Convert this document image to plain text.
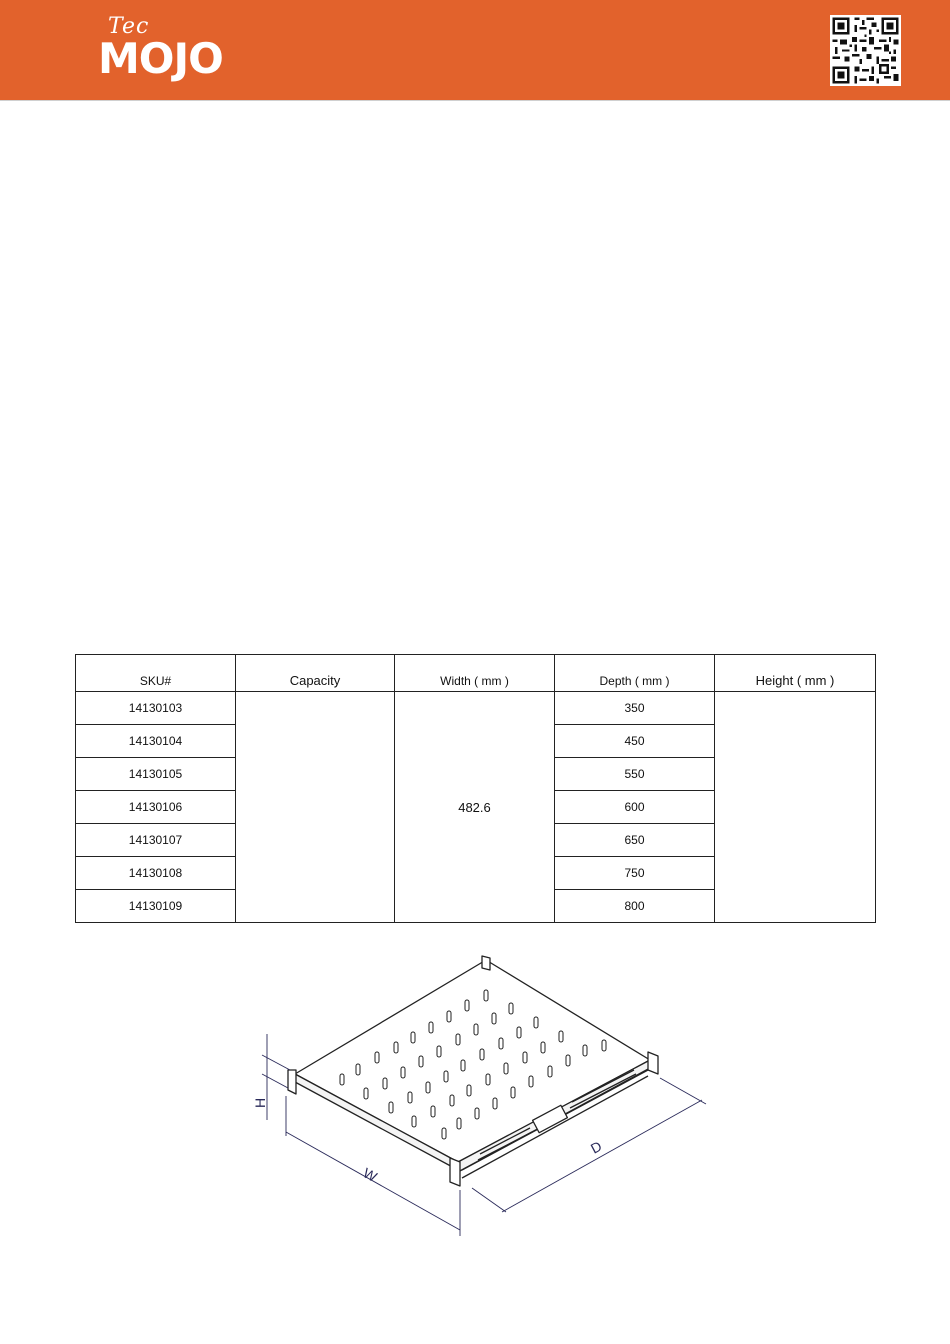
Tec
MOJO
SKU#	Capacity	Width ( mm )	Depth ( mm )	Height ( mm )
14130103		482.6	350	
14130104			450	
14130105			550	
14130106			600	
14130107			650	
14130108			750	
14130109			800	
H
W
D
